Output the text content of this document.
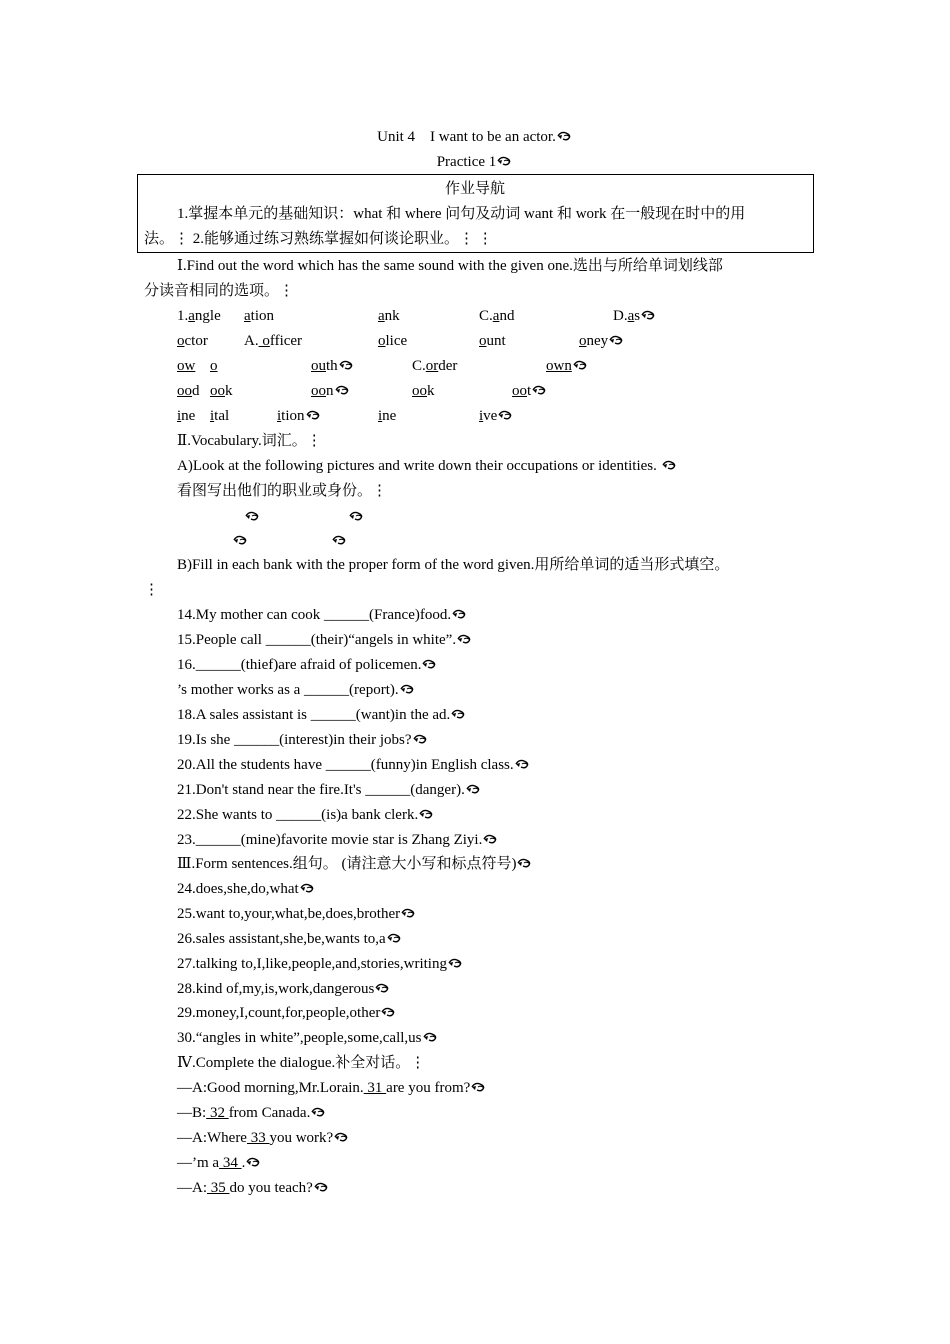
Unit 4　I want to be an actor.
Practice 1
作业导航
1.掌握本单元的基础知识：what 和 where 问句及动词 want 和 work 在一般现在时中的用
法。⋮ 2.能够通过练习熟练掌握如何谈论职业。⋮ ⋮
Ⅰ.Find out the word which has the same sound with the given one.选出与所给单词划线部
分读音相同的选项。⋮
1.angle ation	ank	C.and	D.as
octor A. officer	olice	ount	oney
ow o	outh	C.order	own
ood ook	oon	ook	oot
ine ital	ition	ine	ive
Ⅱ.Vocabulary.词汇。⋮
A)Look at the following pictures and write down their occupations or identities.
看图写出他们的职业或身份。⋮
B)Fill in each bank with the proper form of the word given.用所给单词的适当形式填空。
⋮
14.My mother can cook ______(France)food.
15.People call ______(their)“angels in white”.
16.______(thief)are afraid of policemen.
’s mother works as a ______(report).
18.A sales assistant is ______(want)in the ad.
19.Is she ______(interest)in their jobs?
20.All the students have ______(funny)in English class.
21.Don't stand near the fire.It's ______(danger).
22.She wants to ______(is)a bank clerk.
23.______(mine)favorite movie star is Zhang Ziyi.
Ⅲ.Form sentences.组句。 (请注意大小写和标点符号)
24.does,she,do,what
25.want to,your,what,be,does,brother
26.sales assistant,she,be,wants to,a
27.talking to,I,like,people,and,stories,writing
28.kind of,my,is,work,dangerous
29.money,I,count,for,people,other
30.“angles in white”,people,some,call,us
Ⅳ.Complete the dialogue.补全对话。⋮
—A:Good morning,Mr.Lorain. 31 are you from?
—B: 32 from Canada.
—A:Where 33 you work?
—’m a 34 .
—A: 35 do you teach?
